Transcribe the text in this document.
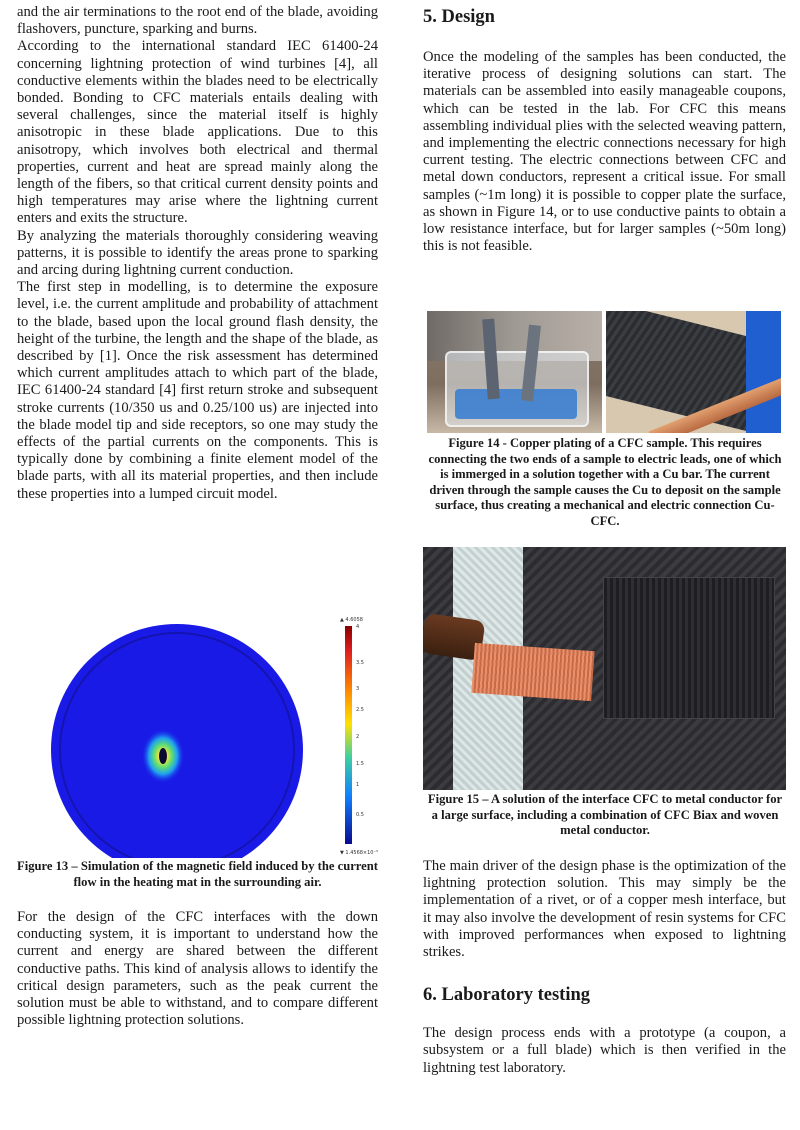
and the air terminations to the root end of the blade, avoiding flashovers, puncture, sparking and burns.

According to the international standard IEC 61400-24 concerning lightning protection of wind turbines [4], all conductive elements within the blades need to be electrically bonded. Bonding to CFC materials entails dealing with several challenges, since the material itself is highly anisotropic in these blade applications. Due to this anisotropy, which involves both electrical and thermal properties, current and heat are spread mainly along the length of the fibers, so that critical current density points and high temperatures may arise where the lightning current enters and exits the structure.

By analyzing the materials thoroughly considering weaving patterns, it is possible to identify the areas prone to sparking and arcing during lightning current conduction.

The first step in modelling, is to determine the exposure level, i.e. the current amplitude and probability of attachment to the blade, based upon the local ground flash density, the height of the turbine, the length and the shape of the blade, as described by [1]. Once the risk assessment has determined which current amplitudes attach to which part of the blade, IEC 61400-24 standard [4] first return stroke and subsequent stroke currents (10/350 us and 0.25/100 us) are injected into the blade model tip and side receptors, so one may study the effects of the partial currents on the components. This is typically done by combining a finite element model of the blade parts, with all its material properties, and then include these properties into a lumped circuit model.

▲ 4.6058
4
3.5
3
2.5
2
1.5
1
0.5
▼ 1.4568×10⁻⁵
Figure 13 – Simulation of the magnetic field induced by the current flow in the heating mat in the surrounding air.

For the design of the CFC interfaces with the down conducting system, it is important to understand how the current and energy are shared between the different conductive paths. This kind of analysis allows to identify the critical design parameters, such as the peak current the solution must be able to withstand, and to compare different possible lightning protection solutions.

5. Design

Once the modeling of the samples has been conducted, the iterative process of designing solutions can start. The materials can be assembled into easily manageable coupons, which can be tested in the lab. For CFC this means assembling individual plies with the selected weaving pattern, and implementing the electric connections necessary for high current testing. The electric connections between CFC and metal down conductors, represent a critical issue. For small samples (~1m long) it is possible to copper plate the surface, as shown in Figure 14, or to use conductive paints to obtain a low resistance interface, but for larger samples (~50m long) this is not feasible.

Figure 14 - Copper plating of a CFC sample. This requires connecting the two ends of a sample to electric leads, one of which is immerged in a solution together with a Cu bar. The current driven through the sample causes the Cu to deposit on the sample surface, thus creating a mechanical and electric connection Cu-CFC.
Figure 15 – A solution of the interface CFC to metal conductor for a large surface, including a combination of CFC Biax and woven metal conductor.

The main driver of the design phase is the optimization of the lightning protection solution. This may simply be the implementation of a rivet, or of a copper mesh interface, but it may also involve the development of resin systems for CFC with improved performances when exposed to lightning strikes.

6. Laboratory testing

The design process ends with a prototype (a coupon, a subsystem or a full blade) which is then verified in the lightning test laboratory.
